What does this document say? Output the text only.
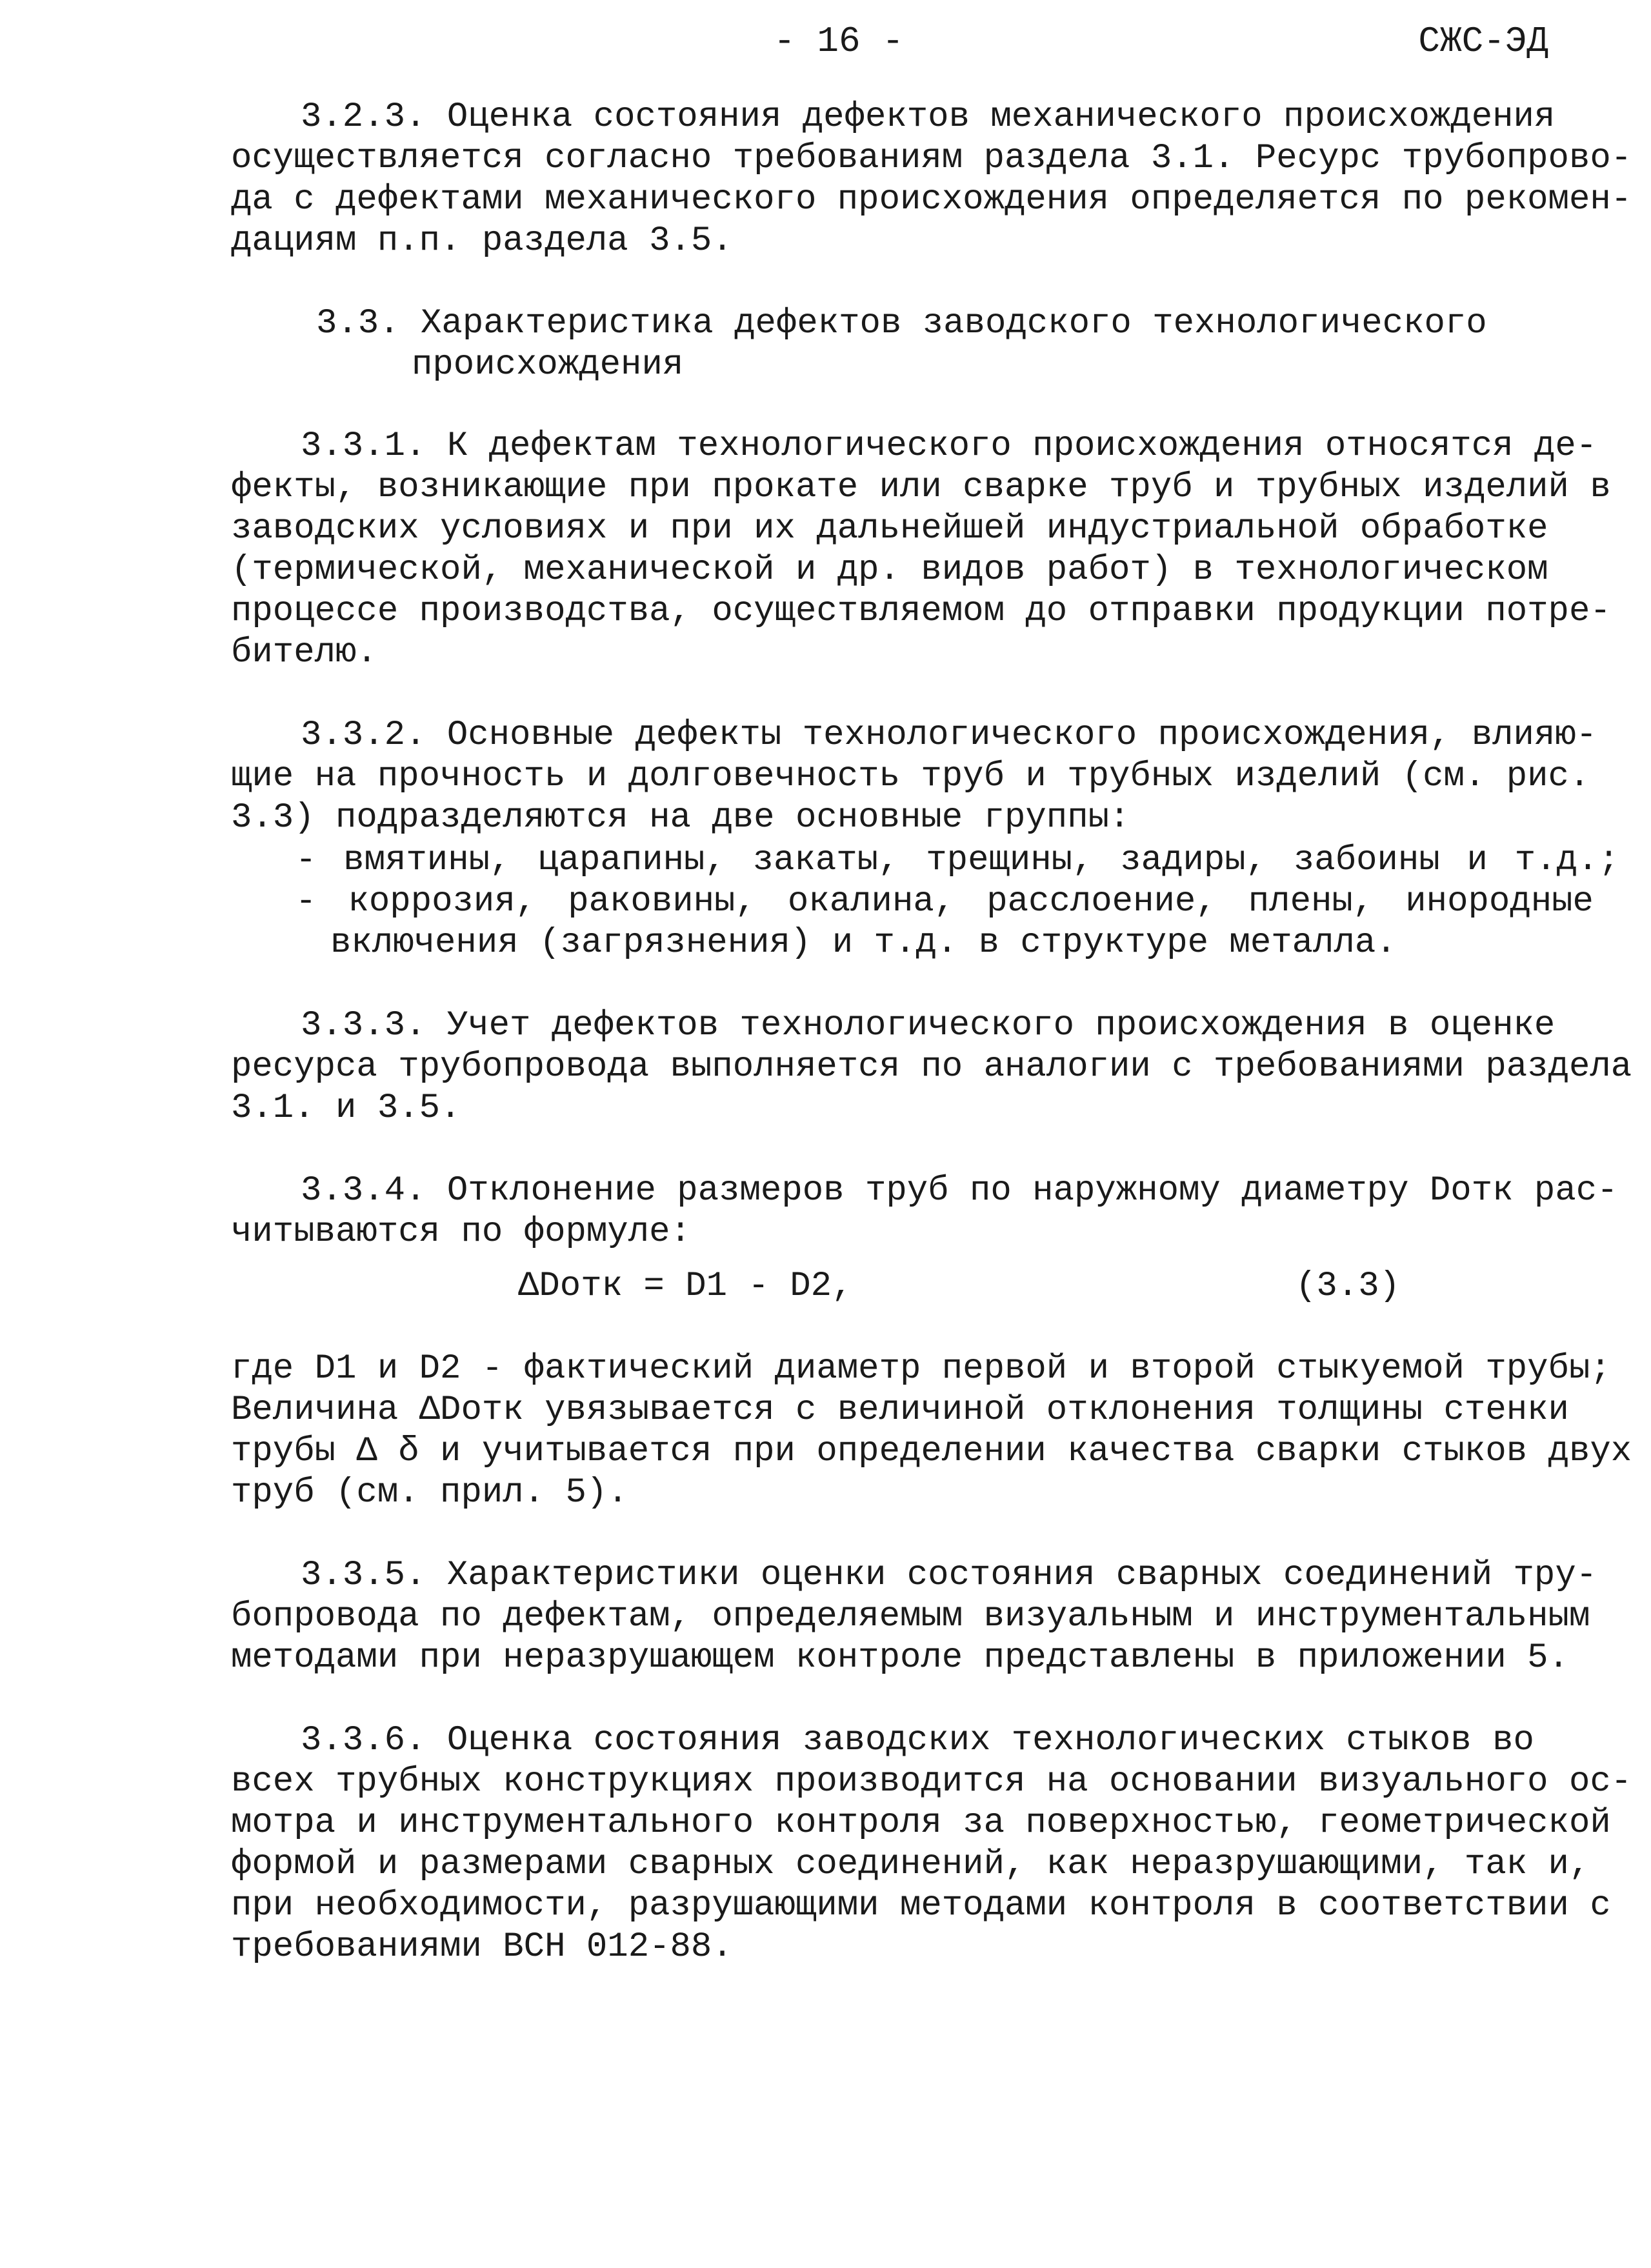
- 16 -	СЖС-ЭД
3.2.3. Оценка состояния дефектов механического происхождения
осуществляется согласно требованиям раздела 3.1. Ресурс трубопрово-
да с дефектами механического происхождения определяется по рекомен-
дациям п.п. раздела 3.5.
3.3. Характеристика дефектов заводского технологического
происхождения
3.3.1. К дефектам технологического происхождения относятся де-
фекты, возникающие при прокате или сварке труб и трубных изделий в
заводских условиях и при их дальнейшей индустриальной обработке
(термической, механической и др. видов работ) в технологическом
процессе производства, осуществляемом до отправки продукции потре-
бителю.
3.3.2. Основные дефекты технологического происхождения, влияю-
щие на прочность и долговечность труб и трубных изделий (см. рис.
3.3) подразделяются на две основные группы:
- вмятины, царапины, закаты, трещины, задиры, забоины и т.д.;
- коррозия, раковины, окалина, расслоение, плены, инородные
включения (загрязнения) и т.д. в структуре металла.
3.3.3. Учет дефектов технологического происхождения в оценке
ресурса трубопровода выполняется по аналогии с требованиями раздела
3.1. и 3.5.
3.3.4. Отклонение размеров труб по наружному диаметру Dотк рас-
читываются по формуле:
ΔDотк = D1 - D2,	(3.3)
где D1 и D2 - фактический диаметр первой и второй стыкуемой трубы;
Величина ΔDотк увязывается с величиной отклонения толщины стенки
трубы Δ δ и учитывается при определении качества сварки стыков двух
труб (см. прил. 5).
3.3.5. Характеристики оценки состояния сварных соединений тру-
бопровода по дефектам, определяемым визуальным и инструментальным
методами при неразрушающем контроле представлены в приложении 5.
3.3.6. Оценка состояния заводских технологических стыков во
всех трубных конструкциях производится на основании визуального ос-
мотра и инструментального контроля за поверхностью, геометрической
формой и размерами сварных соединений, как неразрушающими, так и,
при необходимости, разрушающими методами контроля в соответствии с
требованиями ВСН 012-88.
